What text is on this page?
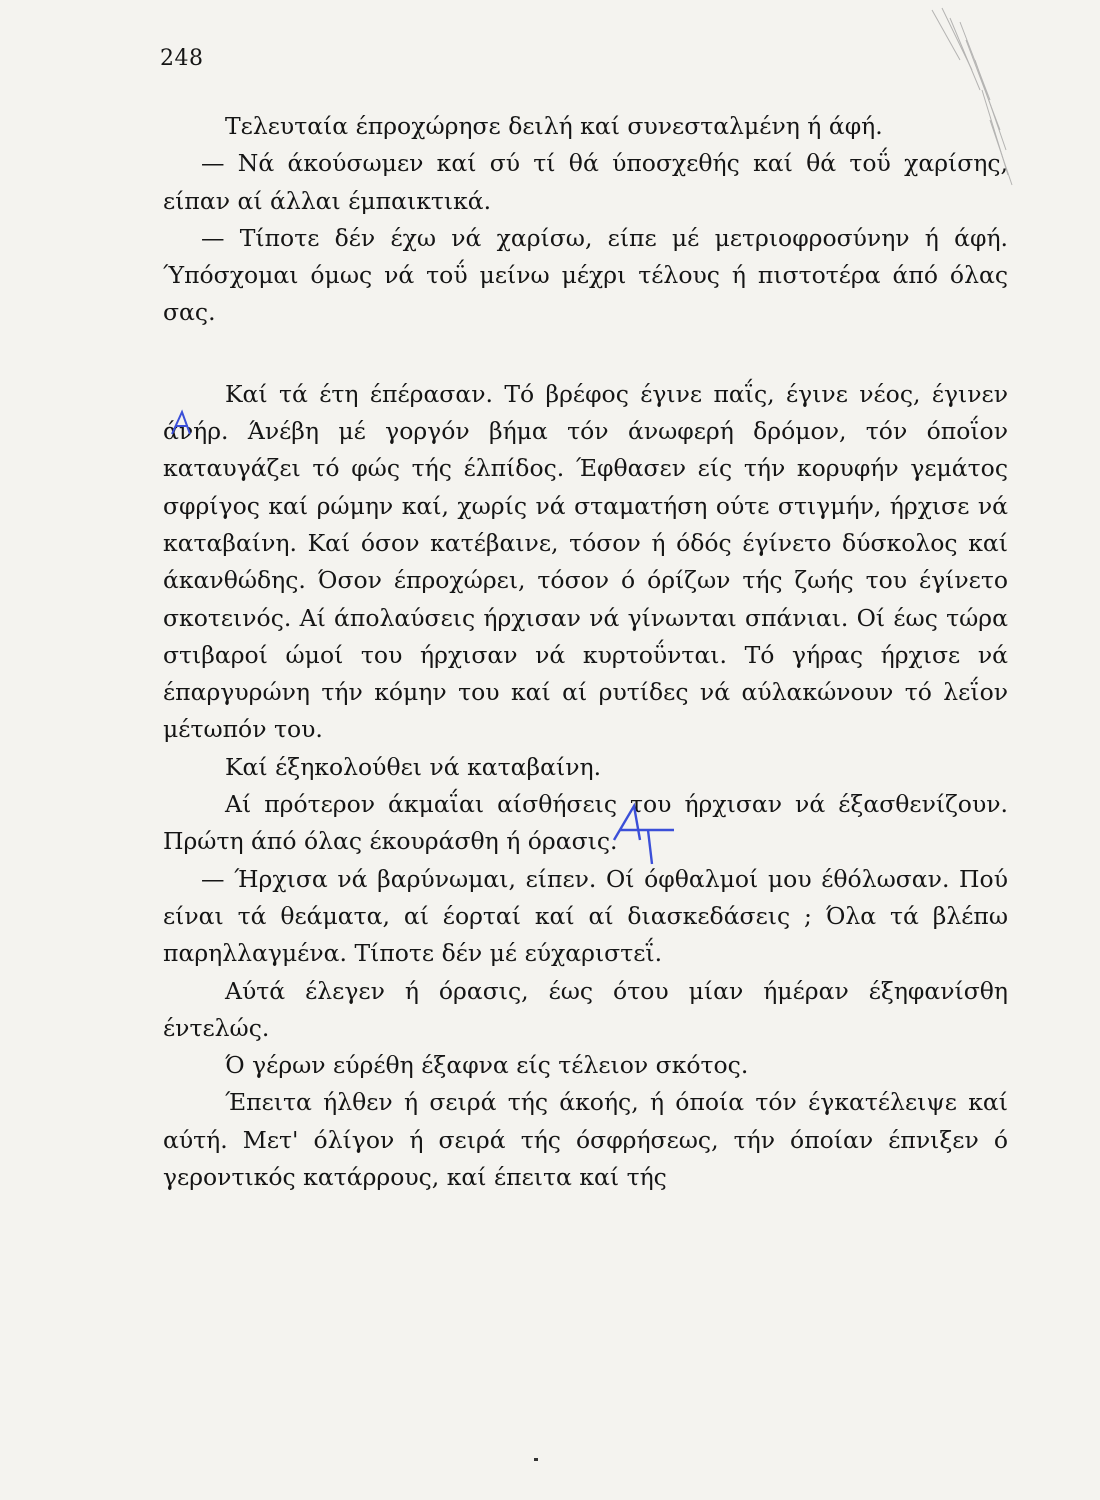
248

Τελευταία έπροχώρησε δειλή καί συνεσταλμένη ή άφή.

— Νά άκούσωμεν καί σύ τί θά ύποσχεθής καί θά τοΰ χαρίσης, είπαν αί άλλαι έμπαικτικά.

— Τίποτε δέν έχω νά χαρίσω, είπε μέ μετριοφροσύνην ή άφή. Ύπόσχομαι όμως νά τοΰ μείνω μέχρι τέλους ή πιστοτέρα άπό όλας σας.

Καί τά έτη έπέρασαν. Τό βρέφος έγινε παΐς, έγινε νέος, έγινεν άνήρ. Άνέβη μέ γοργόν βήμα τόν άνωφερή δρόμον, τόν όποΐον καταυγάζει τό φώς τής έλπίδος. Έφθασεν είς τήν κορυφήν γεμάτος σφρίγος καί ρώμην καί, χωρίς νά σταματήση ούτε στιγμήν, ήρχισε νά καταβαίνη. Καί όσον κατέβαινε, τόσον ή όδός έγίνετο δύσκολος καί άκανθώδης. Όσον έπροχώρει, τόσον ό όρίζων τής ζωής του έγίνετο σκοτεινός. Αί άπολαύσεις ήρχισαν νά γίνωνται σπάνιαι. Οί έως τώρα στιβαροί ώμοί του ήρχισαν νά κυρτοΰνται. Τό γήρας ήρχισε νά έπαργυρώνη τήν κόμην του καί αί ρυτίδες νά αύλακώνουν τό λεΐον μέτωπόν του.

Καί έξηκολούθει νά καταβαίνη.

Αί πρότερον άκμαΐαι αίσθήσεις του ήρχισαν νά έξασθενίζουν. Πρώτη άπό όλας έκουράσθη ή όρασις.

— Ήρχισα νά βαρύνωμαι, είπεν. Οί όφθαλμοί μου έθόλωσαν. Πού είναι τά θεάματα, αί έορταί καί αί διασκεδάσεις ; Όλα τά βλέπω παρηλλαγμένα. Τίποτε δέν μέ εύχαριστεΐ.

Αύτά έλεγεν ή όρασις, έως ότου μίαν ήμέραν έξηφανίσθη έντελώς.

Ό γέρων εύρέθη έξαφνα είς τέλειον σκότος.

Έπειτα ήλθεν ή σειρά τής άκοής, ή όποία τόν έγκατέλειψε καί αύτή. Μετ' όλίγον ή σειρά τής όσφρήσεως, τήν όποίαν έπνιξεν ό γεροντικός κατάρρους, καί έπειτα καί τής
